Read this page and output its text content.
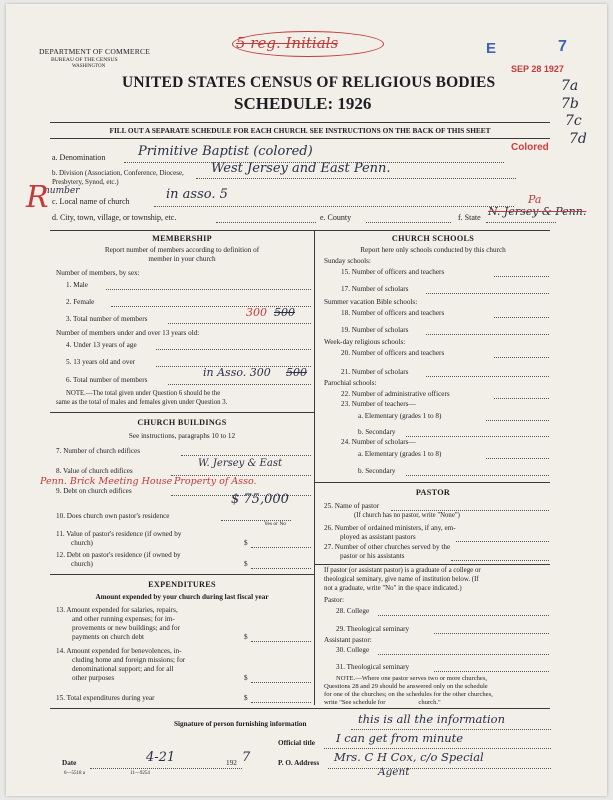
DEPARTMENT OF COMMERCE
BUREAU OF THE CENSUS
WASHINGTON
5 reg. Initials	E	7
SEP 28 1927
UNITED STATES CENSUS OF RELIGIOUS BODIES
SCHEDULE: 1926
7a
7b
7c
7d
Colored
FILL OUT A SEPARATE SCHEDULE FOR EACH CHURCH. SEE INSTRUCTIONS ON THE BACK OF THIS SHEET
a. Denomination	Primitive Baptist (colored)
b. Division (Association, Conference, Diocese, Presbytery, Synod, etc.)
West Jersey and East Penn.
number
c. Local name of church	in asso. 5
R
d. City, town, village, or township, etc.	e. County	f. State N. Jersey & Penn.
Pa
MEMBERSHIP
Report number of members according to definition of
member in your church
Number of members, by sex:
1. Male
2. Female
3. Total number of members	300 500
Number of members under and over 13 years old:
4. Under 13 years of age
5. 13 years old and over
6. Total number of members
in Asso. 300 500
NOTE.—The total given under Question 6 should be the
same as the total of males and females given under Question 3.
CHURCH BUILDINGS
See instructions, paragraphs 10 to 12
7. Number of church edifices
8. Value of church edifices
W. Jersey & East
Penn. Brick Meeting House Property of Asso.
9. Debt on church edifices
$ 75,000
10. Does church own pastor's residence
Yes or No
11. Value of pastor's residence (if owned by
church)	$
12. Debt on pastor's residence (if owned by
church)	$
EXPENDITURES
Amount expended by your church during last fiscal year
13. Amount expended for salaries, repairs,
and other running expenses; for im-
provements or new buildings; and for
payments on church debt	$
14. Amount expended for benevolences, in-
cluding home and foreign missions; for
denominational support; and for all
other purposes	$
15. Total expenditures during year	$
CHURCH SCHOOLS
Report here only schools conducted by this church
Sunday schools:
15. Number of officers and teachers
17. Number of scholars
Summer vacation Bible schools:
18. Number of officers and teachers
19. Number of scholars
Week-day religious schools:
20. Number of officers and teachers
21. Number of scholars
Parochial schools:
22. Number of administrative officers
23. Number of teachers—
a. Elementary (grades 1 to 8)
b. Secondary
24. Number of scholars—
a. Elementary (grades 1 to 8)
b. Secondary
PASTOR
25. Name of pastor
(If church has no pastor, write "None")
26. Number of ordained ministers, if any, em-
ployed as assistant pastors
27. Number of other churches served by the
pastor or his assistants
If pastor (or assistant pastor) is a graduate of a college or
theological seminary, give name of institution below. (If
not a graduate, write "No" in the space indicated.)
Pastor:
28. College
29. Theological seminary
Assistant pastor:
30. College
31. Theological seminary
NOTE.—Where one pastor serves two or more churches,
Questions 28 and 29 should be answered only on the schedule
for one of the churches; on the schedules for the other churches,
write "See schedule for                    church."
Signature of person furnishing information	this is all the information
Official title I can get from minute
Date	4-21	192 7	P. O. Address Mrs. C H Cox, c/o Special
Agent
6—5518 a	11—9254
